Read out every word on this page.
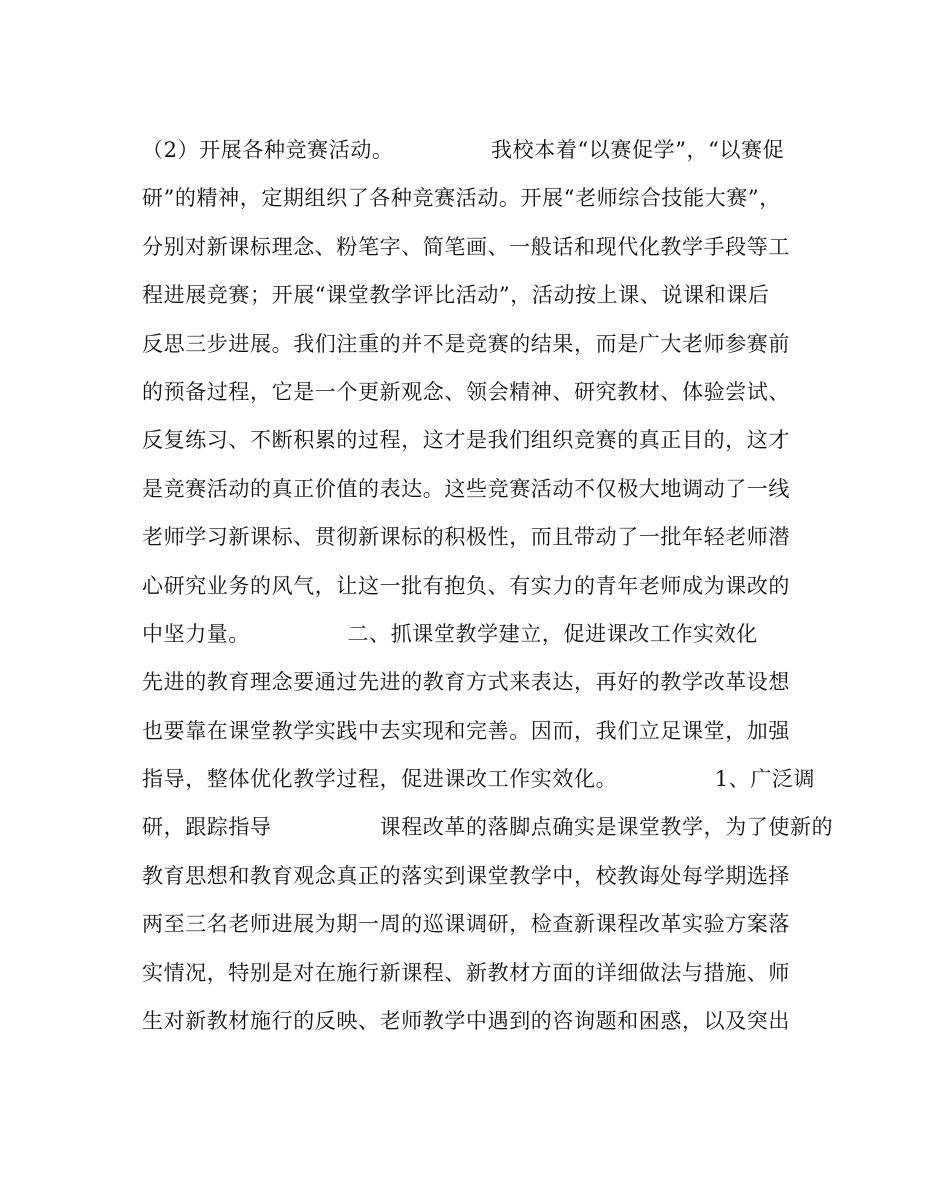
（2）开展各种竞赛活动。　　　　　我校本着“以赛促学”，“以赛促
研”的精神，定期组织了各种竞赛活动。开展“老师综合技能大赛”，
分别对新课标理念、粉笔字、简笔画、一般话和现代化教学手段等工
程进展竞赛；开展“课堂教学评比活动”，活动按上课、说课和课后
反思三步进展。我们注重的并不是竞赛的结果，而是广大老师参赛前
的预备过程，它是一个更新观念、领会精神、研究教材、体验尝试、
反复练习、不断积累的过程，这才是我们组织竞赛的真正目的，这才
是竞赛活动的真正价值的表达。这些竞赛活动不仅极大地调动了一线
老师学习新课标、贯彻新课标的积极性，而且带动了一批年轻老师潜
心研究业务的风气，让这一批有抱负、有实力的青年老师成为课改的
中坚力量。　　　　　二、抓课堂教学建立，促进课改工作实效化
先进的教育理念要通过先进的教育方式来表达，再好的教学改革设想
也要靠在课堂教学实践中去实现和完善。因而，我们立足课堂，加强
指导，整体优化教学过程，促进课改工作实效化。　　　　　1、广泛调
研，跟踪指导　　　　　课程改革的落脚点确实是课堂教学，为了使新的
教育思想和教育观念真正的落实到课堂教学中，校教诲处每学期选择
两至三名老师进展为期一周的巡课调研，检查新课程改革实验方案落
实情况，特别是对在施行新课程、新教材方面的详细做法与措施、师
生对新教材施行的反映、老师教学中遇到的咨询题和困惑，以及突出
